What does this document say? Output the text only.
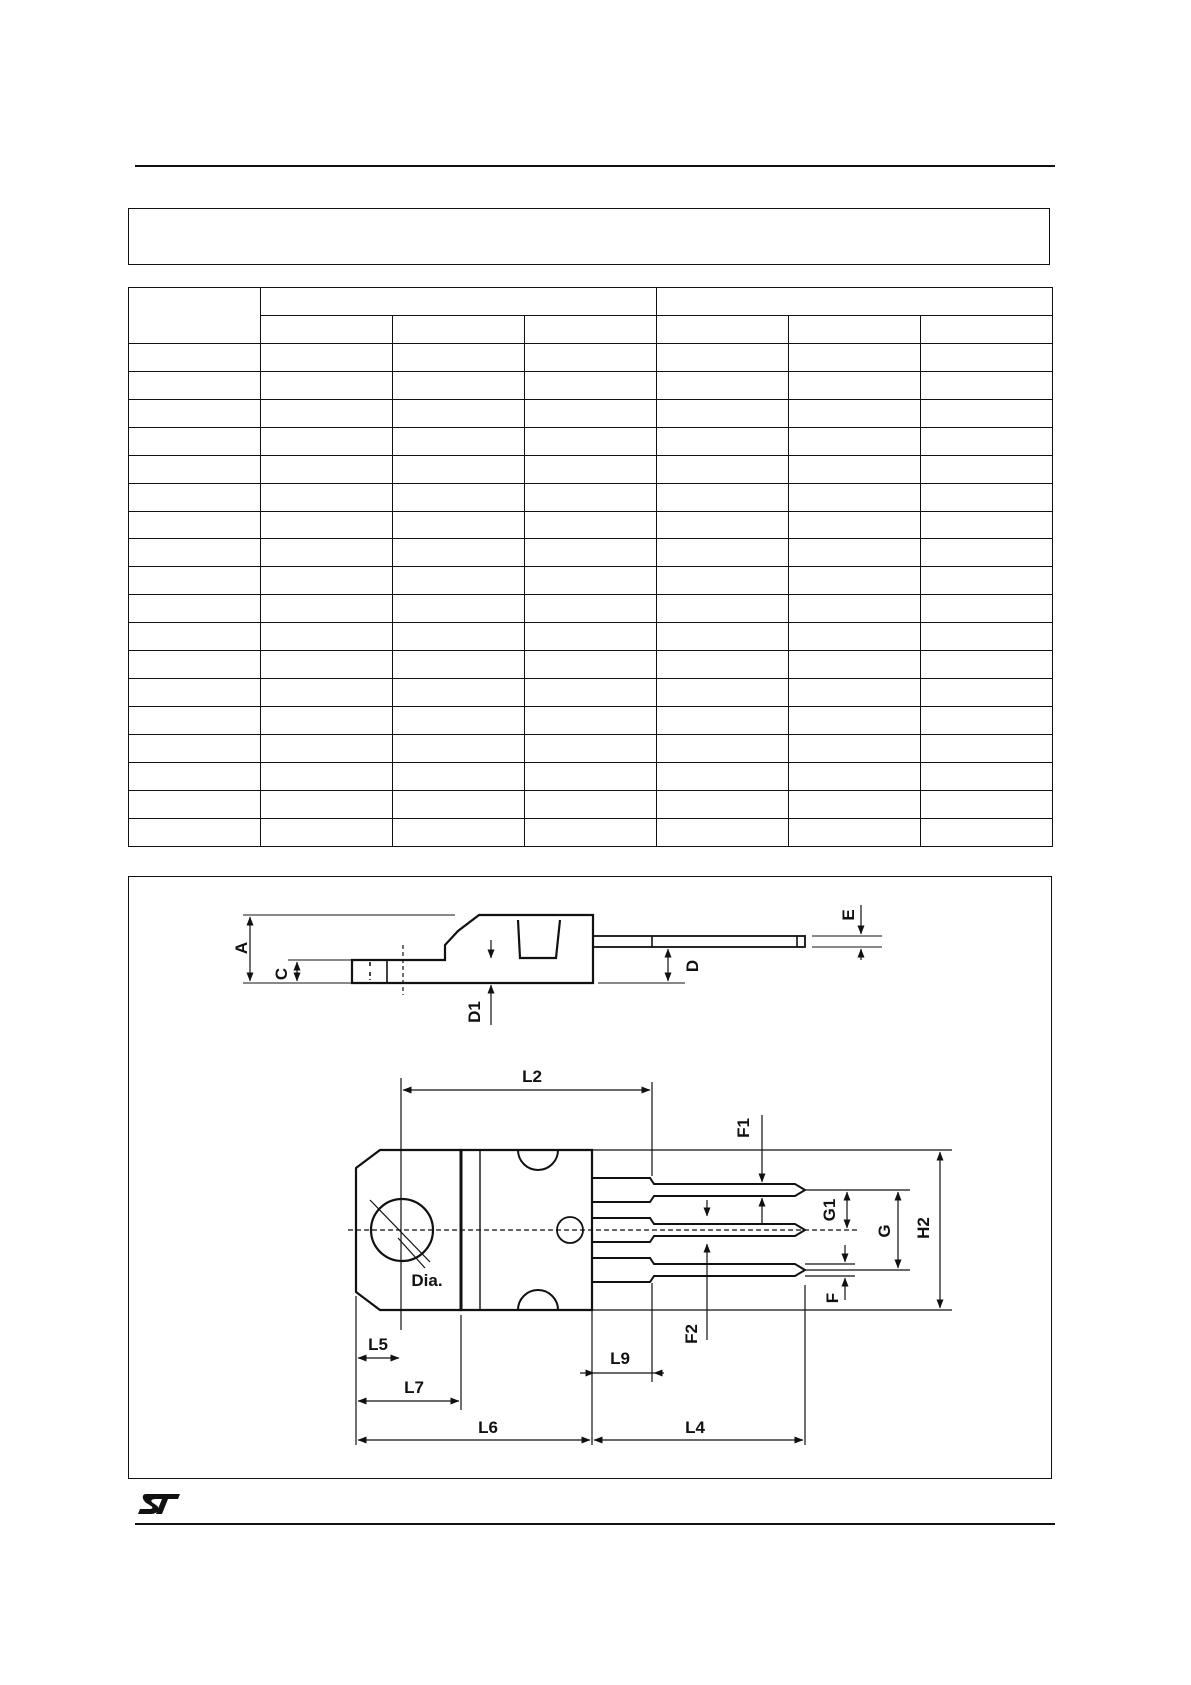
A
C
D
D1
E
L2
F1
G1
G H2
F
F2
Dia.
L5
L7
L9
L6	L4
